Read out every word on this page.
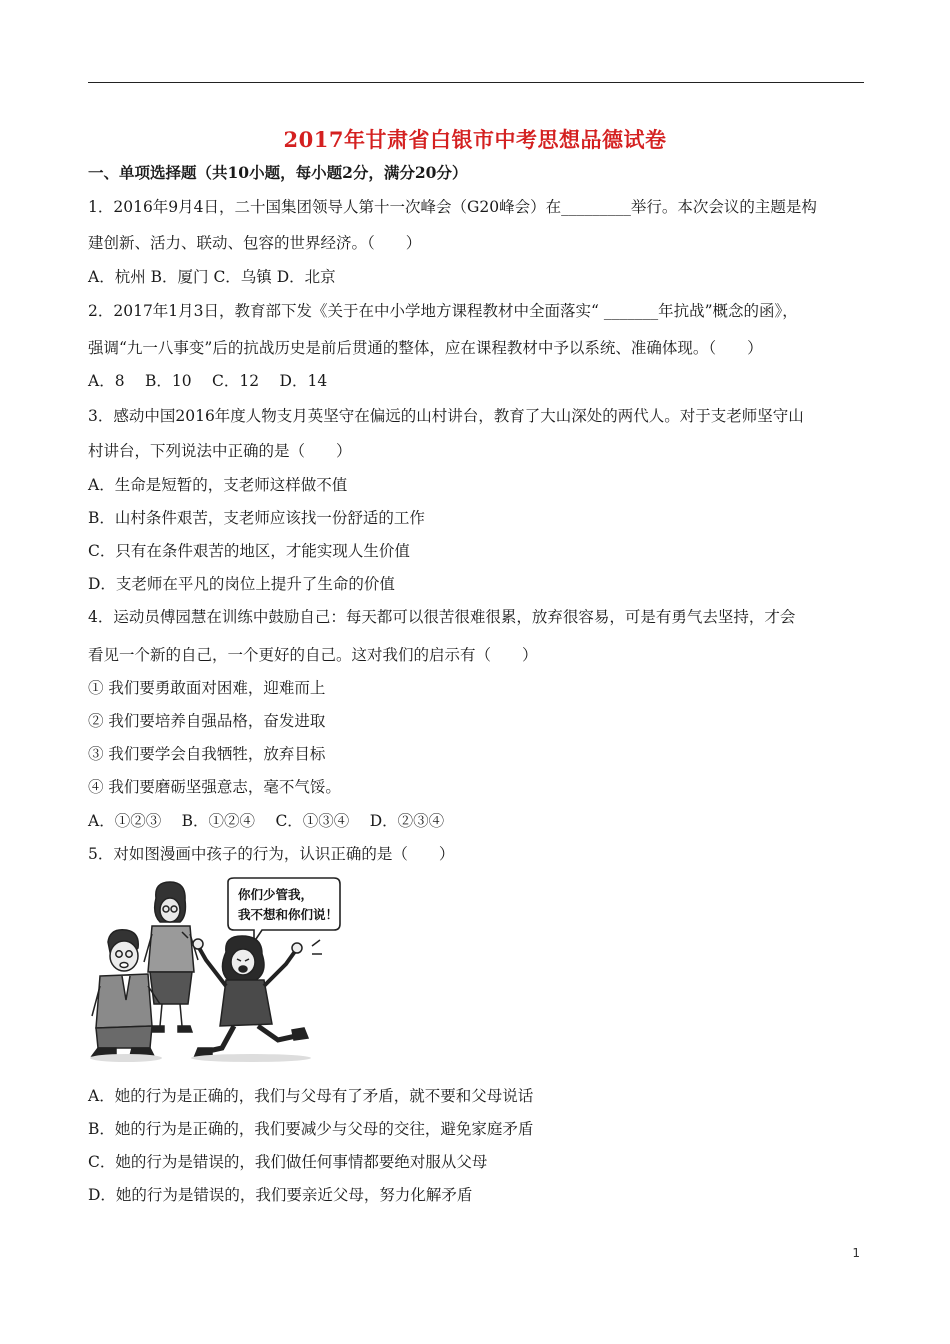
2017年甘肃省白银市中考思想品德试卷
一、单项选择题（共10小题，每小题2分，满分20分）
1．2016年9月4日，二十国集团领导人第十一次峰会（G20峰会）在_________举行。本次会议的主题是构
建创新、活力、联动、包容的世界经济。（　　）
A．杭州 B．厦门 C．乌镇 D．北京
2．2017年1月3日，教育部下发《关于在中小学地方课程教材中全面落实“ _______年抗战”概念的函》，
强调“九一八事变”后的抗战历史是前后贯通的整体，应在课程教材中予以系统、准确体现。（　　）
A．8　 B．10　 C．12　 D．14
3．感动中国2016年度人物支月英坚守在偏远的山村讲台，教育了大山深处的两代人。对于支老师坚守山
村讲台，下列说法中正确的是（　　）
A．生命是短暂的，支老师这样做不值
B．山村条件艰苦，支老师应该找一份舒适的工作
C．只有在条件艰苦的地区，才能实现人生价值
D．支老师在平凡的岗位上提升了生命的价值
4．运动员傅园慧在训练中鼓励自己：每天都可以很苦很难很累，放弃很容易，可是有勇气去坚持，才会
看见一个新的自己，一个更好的自己。这对我们的启示有（　　）
① 我们要勇敢面对困难，迎难而上
② 我们要培养自强品格，奋发进取
③ 我们要学会自我牺牲，放弃目标
④ 我们要磨砺坚强意志，毫不气馁。
A．①②③　 B．①②④　 C．①③④　 D．②③④
5．对如图漫画中孩子的行为，认识正确的是（　　）
你们少管我，
我不想和你们说！
A．她的行为是正确的，我们与父母有了矛盾，就不要和父母说话
B．她的行为是正确的，我们要减少与父母的交往，避免家庭矛盾
C．她的行为是错误的，我们做任何事情都要绝对服从父母
D．她的行为是错误的，我们要亲近父母，努力化解矛盾
1
